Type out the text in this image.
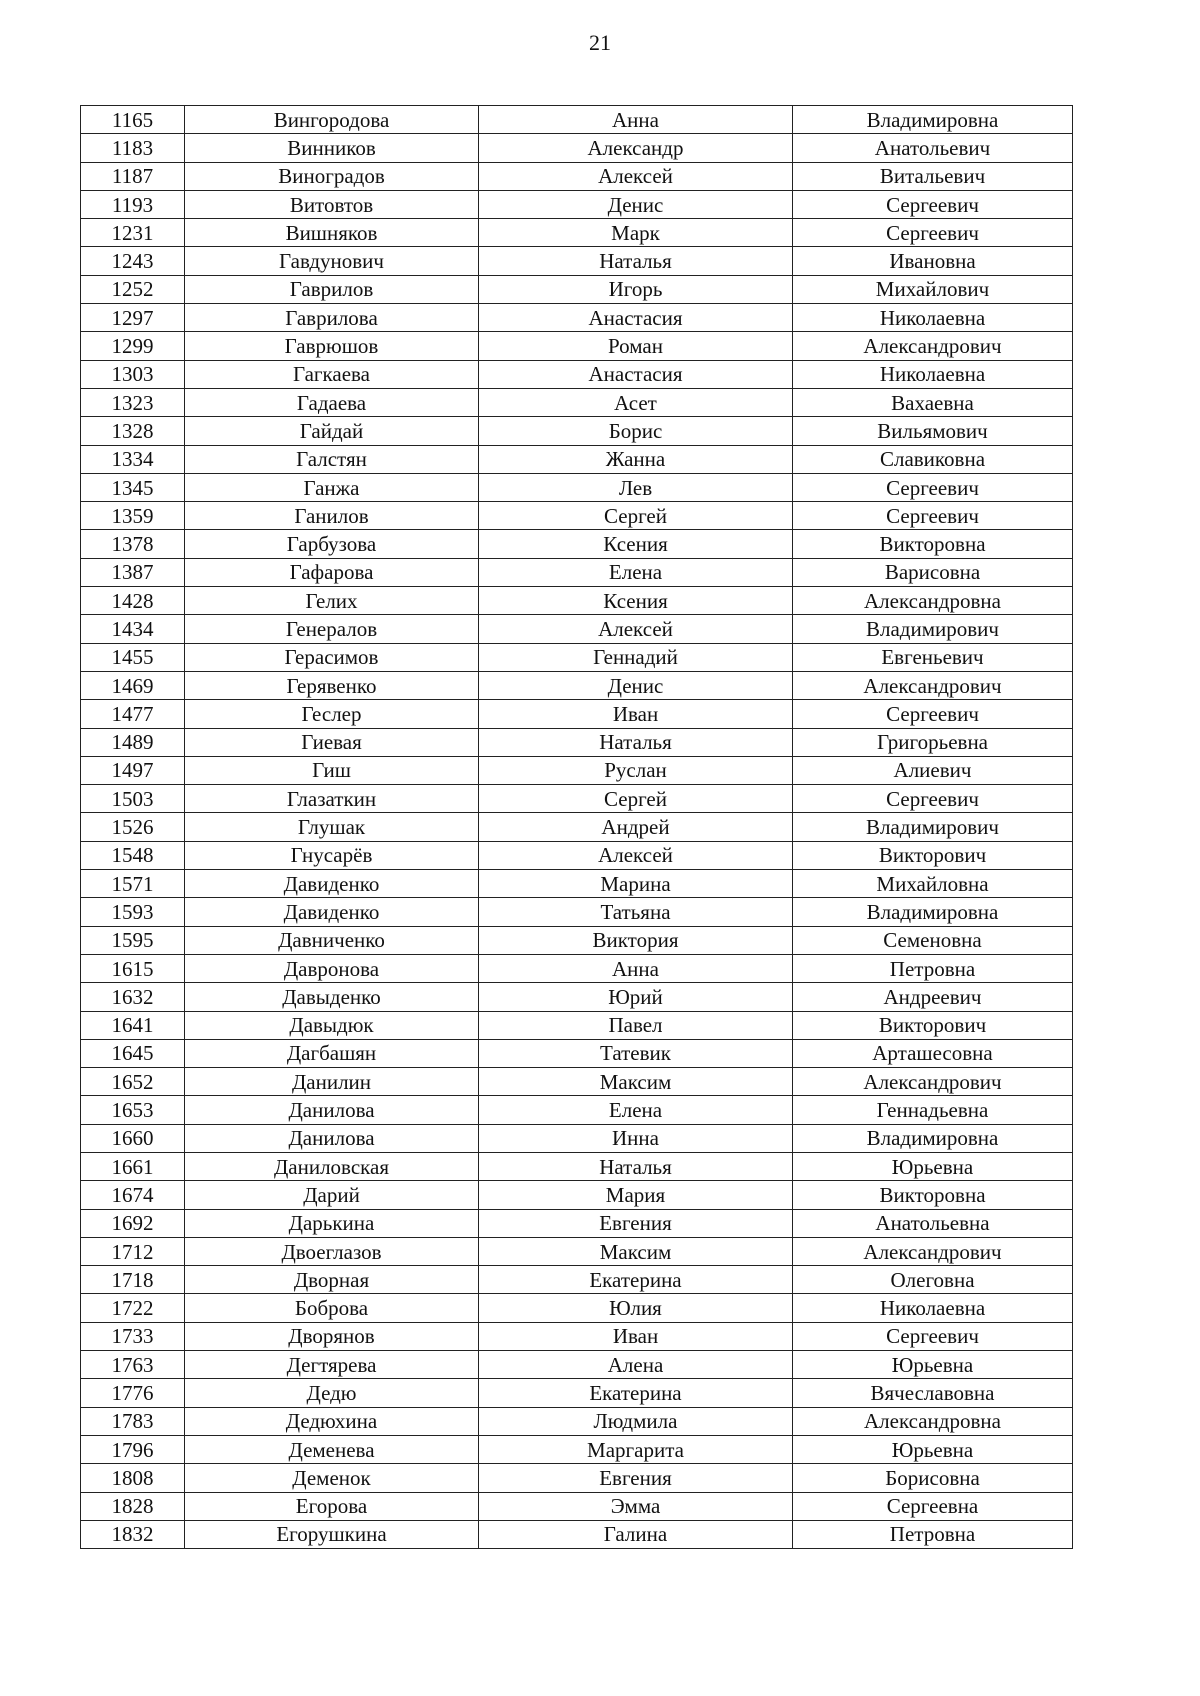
21
1165	Вингородова	Анна	Владимировна
1183	Винников	Александр	Анатольевич
1187	Виноградов	Алексей	Витальевич
1193	Витовтов	Денис	Сергеевич
1231	Вишняков	Марк	Сергеевич
1243	Гавдунович	Наталья	Ивановна
1252	Гаврилов	Игорь	Михайлович
1297	Гаврилова	Анастасия	Николаевна
1299	Гаврюшов	Роман	Александрович
1303	Гагкаева	Анастасия	Николаевна
1323	Гадаева	Асет	Вахаевна
1328	Гайдай	Борис	Вильямович
1334	Галстян	Жанна	Славиковна
1345	Ганжа	Лев	Сергеевич
1359	Ганилов	Сергей	Сергеевич
1378	Гарбузова	Ксения	Викторовна
1387	Гафарова	Елена	Варисовна
1428	Гелих	Ксения	Александровна
1434	Генералов	Алексей	Владимирович
1455	Герасимов	Геннадий	Евгеньевич
1469	Герявенко	Денис	Александрович
1477	Геслер	Иван	Сергеевич
1489	Гиевая	Наталья	Григорьевна
1497	Гиш	Руслан	Алиевич
1503	Глазаткин	Сергей	Сергеевич
1526	Глушак	Андрей	Владимирович
1548	Гнусарёв	Алексей	Викторович
1571	Давиденко	Марина	Михайловна
1593	Давиденко	Татьяна	Владимировна
1595	Давниченко	Виктория	Семеновна
1615	Давронова	Анна	Петровна
1632	Давыденко	Юрий	Андреевич
1641	Давыдюк	Павел	Викторович
1645	Дагбашян	Татевик	Арташесовна
1652	Данилин	Максим	Александрович
1653	Данилова	Елена	Геннадьевна
1660	Данилова	Инна	Владимировна
1661	Даниловская	Наталья	Юрьевна
1674	Дарий	Мария	Викторовна
1692	Дарькина	Евгения	Анатольевна
1712	Двоеглазов	Максим	Александрович
1718	Дворная	Екатерина	Олеговна
1722	Боброва	Юлия	Николаевна
1733	Дворянов	Иван	Сергеевич
1763	Дегтярева	Алена	Юрьевна
1776	Дедю	Екатерина	Вячеславовна
1783	Дедюхина	Людмила	Александровна
1796	Деменева	Маргарита	Юрьевна
1808	Деменок	Евгения	Борисовна
1828	Егорова	Эмма	Сергеевна
1832	Егорушкина	Галина	Петровна
